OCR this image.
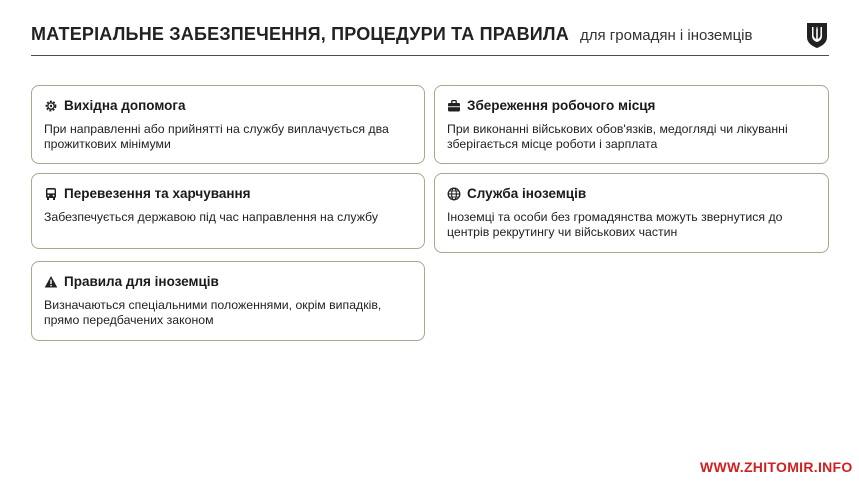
МАТЕРІАЛЬНЕ ЗАБЕЗПЕЧЕННЯ, ПРОЦЕДУРИ ТА ПРАВИЛА для громадян і іноземців
Вихідна допомога
При направленні або прийнятті на службу виплачується два прожиткових мінімуми
Збереження робочого місця
При виконанні військових обов'язків, медогляді чи лікуванні зберігається місце роботи і зарплата
Перевезення та харчування
Забезпечується державою під час направлення на службу
Служба іноземців
Іноземці та особи без громадянства можуть звернутися до центрів рекрутингу чи військових частин
Правила для іноземців
Визначаються спеціальними положеннями, окрім випадків, прямо передбачених законом
WWW.ZHITOMIR.INFO
